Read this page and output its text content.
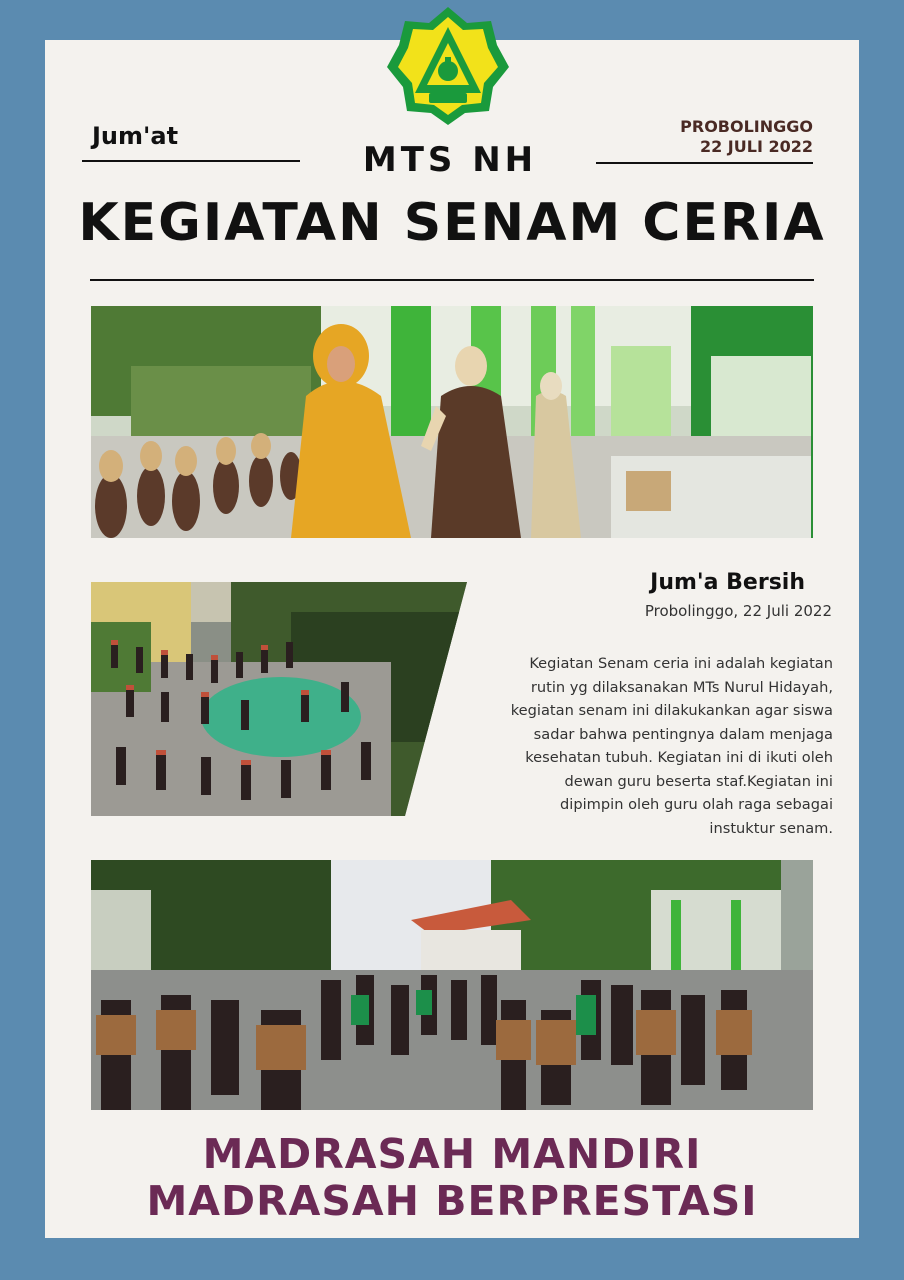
Jum'at	PROBOLINGGO
22 JULI 2022
MTS NH
KEGIATAN SENAM CERIA
Jum'a Bersih
Probolinggo, 22 Juli 2022
Kegiatan Senam ceria ini adalah kegiatan
rutin yg dilaksanakan MTs Nurul Hidayah,
kegiatan senam ini dilakukankan agar siswa
sadar bahwa pentingnya dalam menjaga
kesehatan tubuh. Kegiatan ini di ikuti oleh
dewan guru beserta staf.Kegiatan ini
dipimpin oleh guru olah raga sebagai
instuktur senam.
MADRASAH MANDIRI
MADRASAH BERPRESTASI
